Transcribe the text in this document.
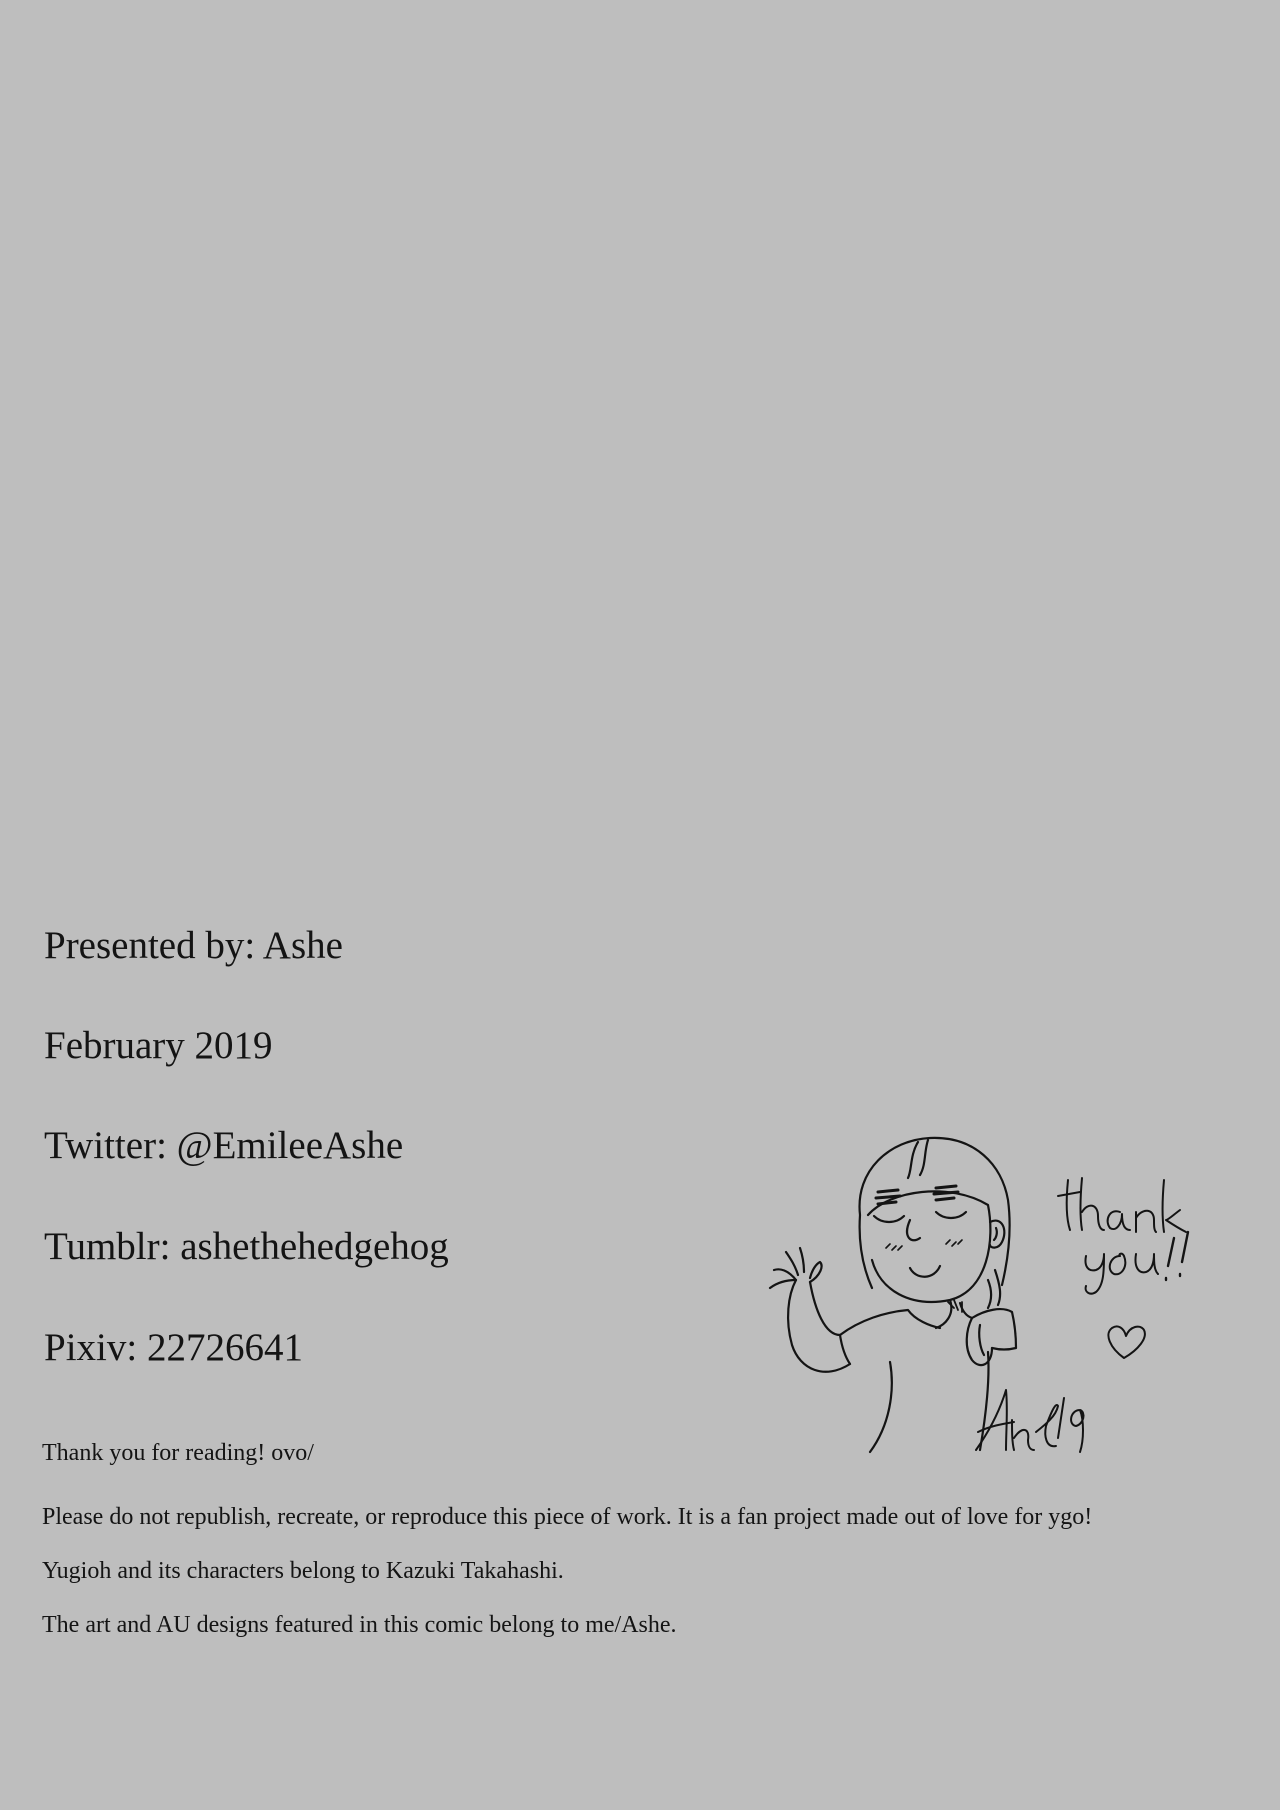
Presented by: Ashe
February 2019
Twitter: @EmileeAshe
Tumblr: ashethehedgehog
Pixiv: 22726641
Thank you for reading! ovo/
Please do not republish, recreate, or reproduce this piece of work. It is a fan project made out of love for ygo!
Yugioh and its characters belong to Kazuki Takahashi.
The art and AU designs featured in this comic belong to me/Ashe.
